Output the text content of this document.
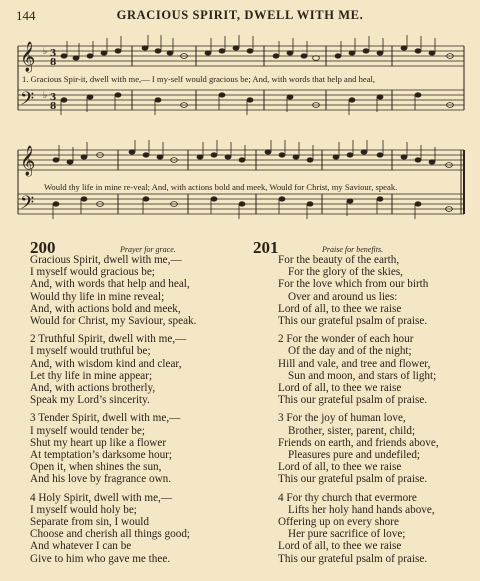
144	GRACIOUS SPIRIT, DWELL WITH ME.
𝄞
𝄢
♭ 3
8
♭ 3
8
1. Gracious Spir-it, dwell with me,— I my-self would gracious be; And, with words that help and heal,
𝄞
𝄢
Would thy life in mine re-veal; And, with actions bold and meek, Would for Christ, my Saviour, speak.
200	Prayer for grace.
Gracious Spirit, dwell with me,—
I myself would gracious be;
And, with words that help and heal,
Would thy life in mine reveal;
And, with actions bold and meek,
Would for Christ, my Saviour, speak.
2 Truthful Spirit, dwell with me,—
I myself would truthful be;
And, with wisdom kind and clear,
Let thy life in mine appear;
And, with actions brotherly,
Speak my Lord’s sincerity.
3 Tender Spirit, dwell with me,—
I myself would tender be;
Shut my heart up like a flower
At temptation’s darksome hour;
Open it, when shines the sun,
And his love by fragrance own.
4 Holy Spirit, dwell with me,—
I myself would holy be;
Separate from sin, I would
Choose and cherish all things good;
And whatever I can be
Give to him who gave me thee.
201	Praise for benefits.
For the beauty of the earth,
For the glory of the skies,
For the love which from our birth
Over and around us lies:
Lord of all, to thee we raise
This our grateful psalm of praise.
2 For the wonder of each hour
Of the day and of the night;
Hill and vale, and tree and flower,
Sun and moon, and stars of light;
Lord of all, to thee we raise
This our grateful psalm of praise.
3 For the joy of human love,
Brother, sister, parent, child;
Friends on earth, and friends above,
Pleasures pure and undefiled;
Lord of all, to thee we raise
This our grateful psalm of praise.
4 For thy church that evermore
Lifts her holy hand hands above,
Offering up on every shore
Her pure sacrifice of love;
Lord of all, to thee we raise
This our grateful psalm of praise.
